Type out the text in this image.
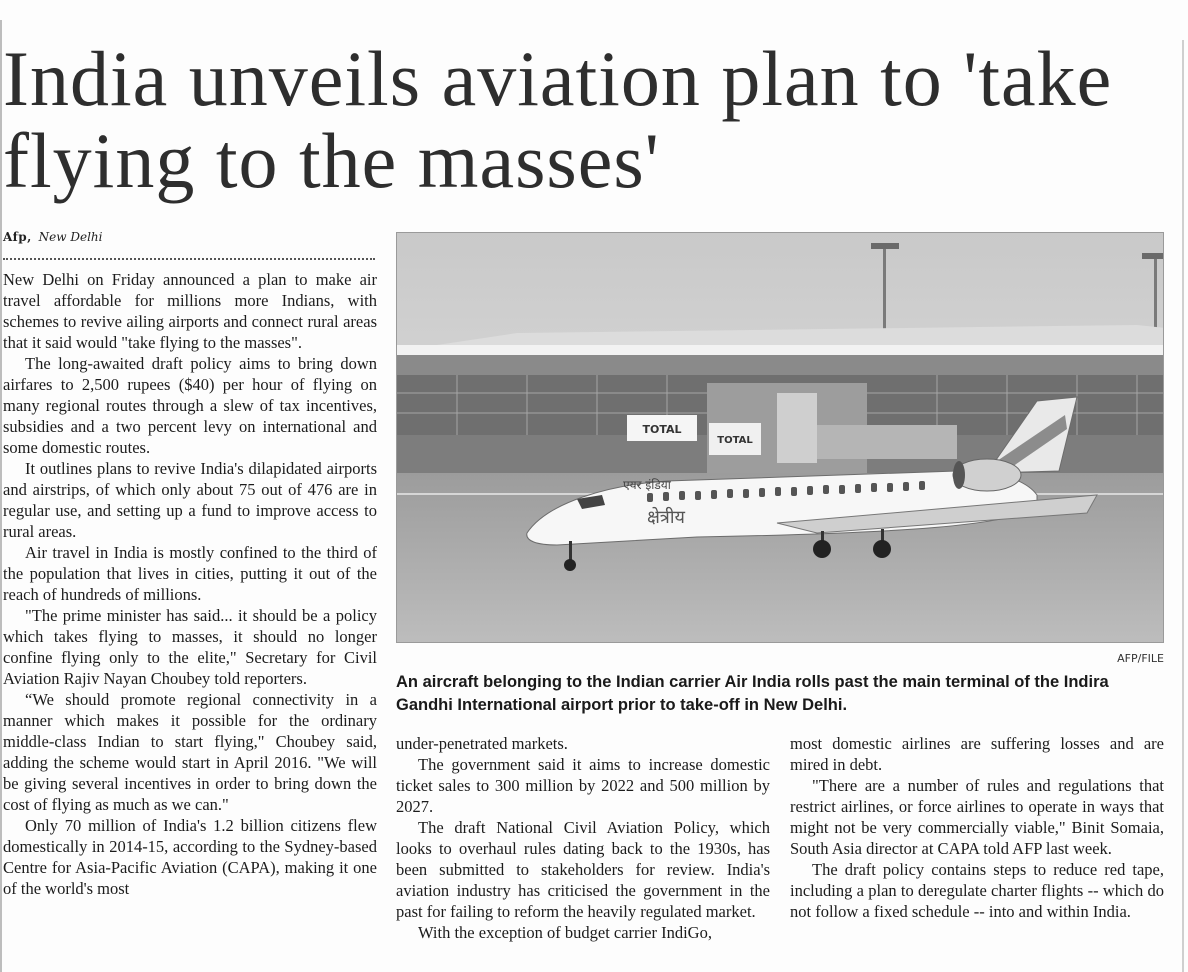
India unveils aviation plan to 'take flying to the masses'
Afp, New Delhi

New Delhi on Friday announced a plan to make air travel affordable for millions more Indians, with schemes to revive ailing airports and connect rural areas that it said would "take flying to the masses".

The long-awaited draft policy aims to bring down airfares to 2,500 rupees ($40) per hour of flying on many regional routes through a slew of tax incentives, subsidies and a two percent levy on international and some domestic routes.

It outlines plans to revive India's dilapidated airports and airstrips, of which only about 75 out of 476 are in regular use, and setting up a fund to improve access to rural areas.

Air travel in India is mostly confined to the third of the population that lives in cities, putting it out of the reach of hundreds of millions.

"The prime minister has said... it should be a policy which takes flying to masses, it should no longer confine flying only to the elite," Secretary for Civil Aviation Rajiv Nayan Choubey told reporters.

“We should promote regional connectivity in a manner which makes it possible for the ordinary middle-class Indian to start flying," Choubey said, adding the scheme would start in April 2016. "We will be giving several incentives in order to bring down the cost of flying as much as we can."

Only 70 million of India's 1.2 billion citizens flew domestically in 2014-15, according to the Sydney-based Centre for Asia-Pacific Aviation (CAPA), making it one of the world's most

TOTAL
TOTAL
एयर इंडिया
क्षेत्रीय
AFP/FILE

An aircraft belonging to the Indian carrier Air India rolls past the main terminal of the Indira Gandhi International airport prior to take-off in New Delhi.

under-penetrated markets.

The government said it aims to increase domestic ticket sales to 300 million by 2022 and 500 million by 2027.

The draft National Civil Aviation Policy, which looks to overhaul rules dating back to the 1930s, has been submitted to stakeholders for review. India's aviation industry has criticised the government in the past for failing to reform the heavily regulated market.

With the exception of budget carrier IndiGo,

most domestic airlines are suffering losses and are mired in debt.

"There are a number of rules and regulations that restrict airlines, or force airlines to operate in ways that might not be very commercially viable," Binit Somaia, South Asia director at CAPA told AFP last week.

The draft policy contains steps to reduce red tape, including a plan to deregulate charter flights -- which do not follow a fixed schedule -- into and within India.
